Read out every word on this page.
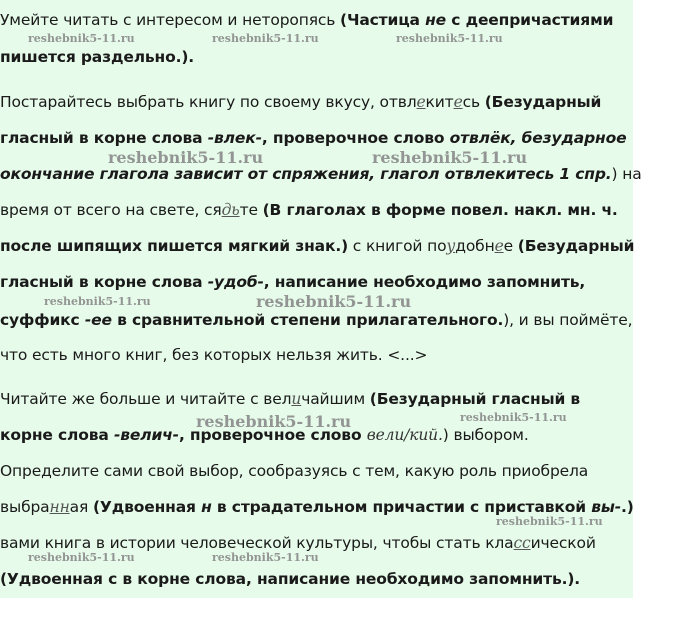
Умейте читать с интересом и неторопясь (Частица не с деепричастиями
пишется раздельно.).
Постарайтесь выбрать книгу по своему вкусу, отвлекитесь (Безударный
гласный в корне слова -влек-, проверочное слово отвлёк, безударное
окончание глагола зависит от спряжения, глагол отвлекитесь 1 спр.) на
время от всего на свете, сядьте (В глаголах в форме повел. накл. мн. ч.
после шипящих пишется мягкий знак.) с книгой поудобнее (Безударный
гласный в корне слова -удоб-, написание необходимо запомнить,
суффикс -ее в сравнительной степени прилагательного.), и вы поймёте,
что есть много книг, без которых нельзя жить. <...>
Читайте же больше и читайте с величайшим (Безударный гласный в
корне слова -велич-, проверочное слово вели/кий.) выбором.
Определите сами свой выбор, сообразуясь с тем, какую роль приобрела
выбранная (Удвоенная н в страдательном причастии с приставкой вы-.)
вами книга в истории человеческой культуры, чтобы стать классической
(Удвоенная с в корне слова, написание необходимо запомнить.).
reshebnik5-11.ru	reshebnik5-11.ru	reshebnik5-11.ru
reshebnik5-11.ru	reshebnik5-11.ru
reshebnik5-11.ru	reshebnik5-11.ru
reshebnik5-11.ru	reshebnik5-11.ru
reshebnik5-11.ru
reshebnik5-11.ru	reshebnik5-11.ru
